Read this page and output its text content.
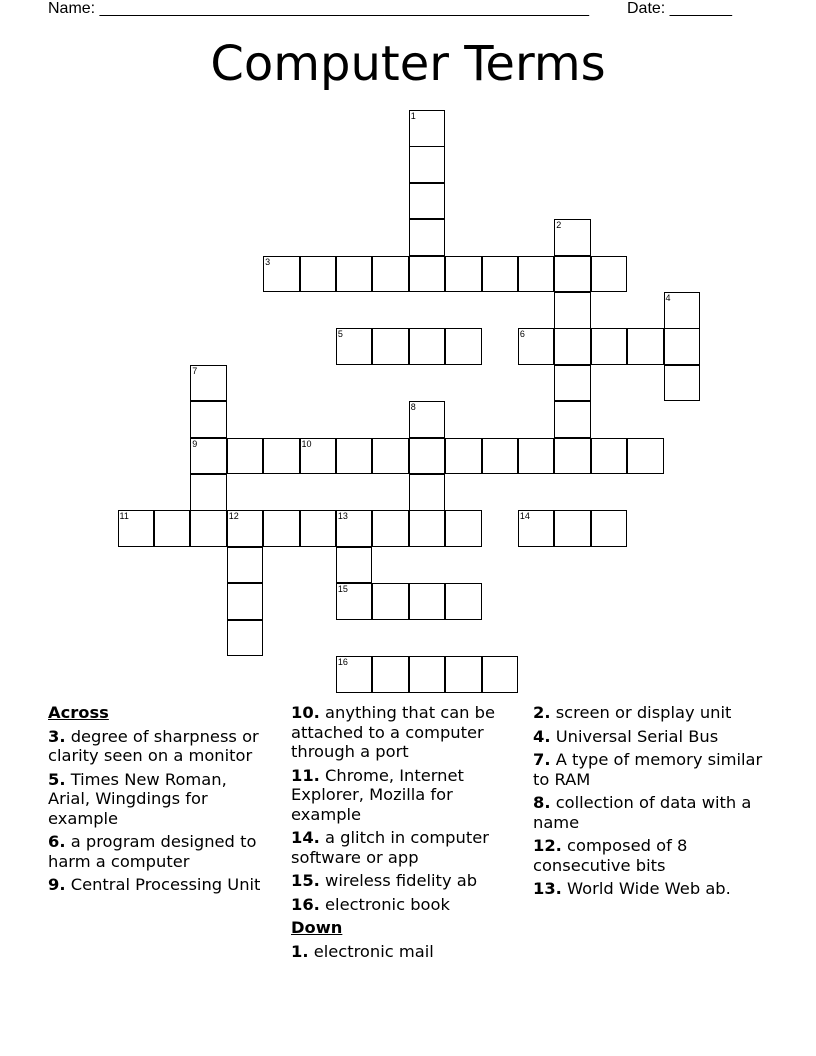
Name: _______________________________________________________ Date: _______
Computer Terms
1
2
3
4
5	6
7
8
9	10
11	12	13	14
15
16
Across
3. degree of sharpness or clarity seen on a monitor
5. Times New Roman, Arial, Wingdings for example
6. a program designed to harm a computer
9. Central Processing Unit
10. anything that can be attached to a computer through a port
11. Chrome, Internet Explorer, Mozilla for example
14. a glitch in computer software or app
15. wireless fidelity ab
16. electronic book
Down
1. electronic mail
2. screen or display unit
4. Universal Serial Bus
7. A type of memory similar to RAM
8. collection of data with a name
12. composed of 8 consecutive bits
13. World Wide Web ab.
